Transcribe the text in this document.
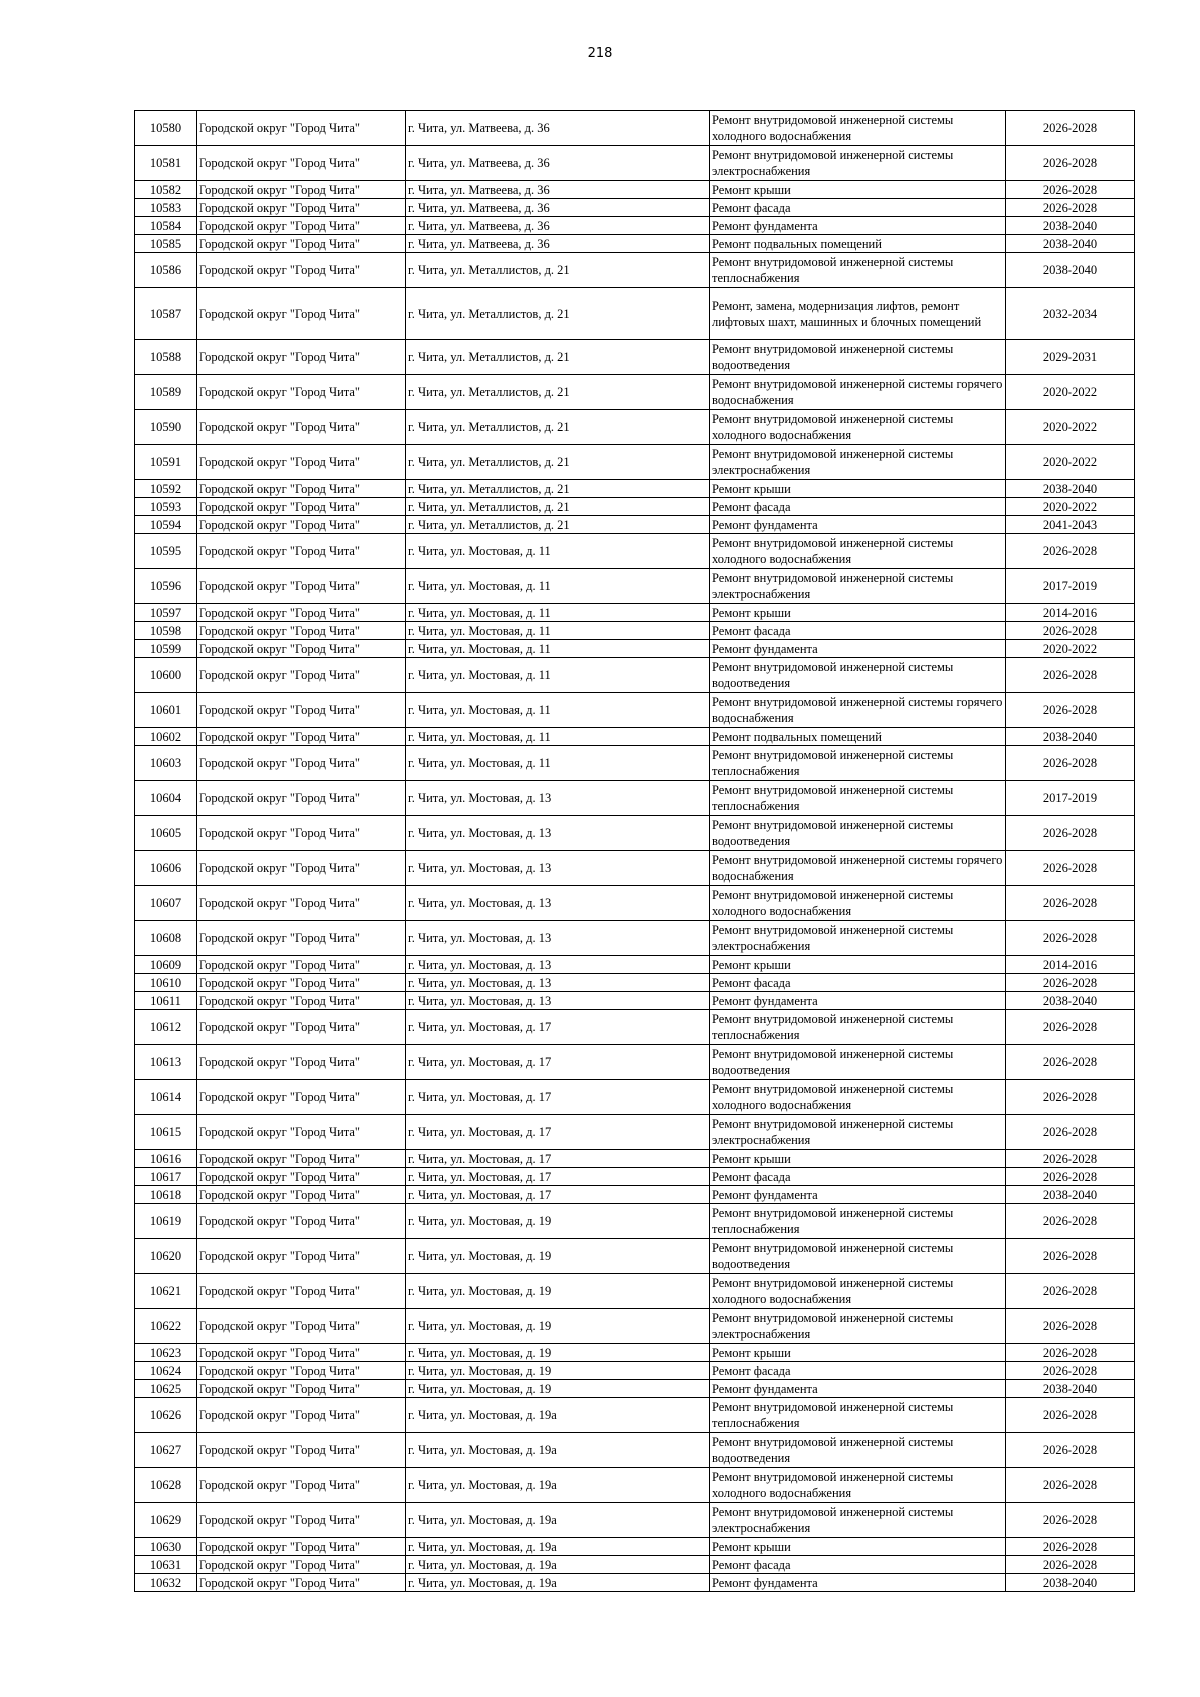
218
10580	Городской округ "Город Чита"	г. Чита, ул. Матвеева, д. 36	Ремонт внутридомовой инженерной системы холодного водоснабжения	2026-2028
10581	Городской округ "Город Чита"	г. Чита, ул. Матвеева, д. 36	Ремонт внутридомовой инженерной системы электроснабжения	2026-2028
10582	Городской округ "Город Чита"	г. Чита, ул. Матвеева, д. 36	Ремонт крыши	2026-2028
10583	Городской округ "Город Чита"	г. Чита, ул. Матвеева, д. 36	Ремонт фасада	2026-2028
10584	Городской округ "Город Чита"	г. Чита, ул. Матвеева, д. 36	Ремонт фундамента	2038-2040
10585	Городской округ "Город Чита"	г. Чита, ул. Матвеева, д. 36	Ремонт подвальных помещений	2038-2040
10586	Городской округ "Город Чита"	г. Чита, ул. Металлистов, д. 21	Ремонт внутридомовой инженерной системы теплоснабжения	2038-2040
10587	Городской округ "Город Чита"	г. Чита, ул. Металлистов, д. 21	Ремонт, замена, модернизация лифтов, ремонт лифтовых шахт, машинных и блочных помещений	2032-2034
10588	Городской округ "Город Чита"	г. Чита, ул. Металлистов, д. 21	Ремонт внутридомовой инженерной системы водоотведения	2029-2031
10589	Городской округ "Город Чита"	г. Чита, ул. Металлистов, д. 21	Ремонт внутридомовой инженерной системы горячего водоснабжения	2020-2022
10590	Городской округ "Город Чита"	г. Чита, ул. Металлистов, д. 21	Ремонт внутридомовой инженерной системы холодного водоснабжения	2020-2022
10591	Городской округ "Город Чита"	г. Чита, ул. Металлистов, д. 21	Ремонт внутридомовой инженерной системы электроснабжения	2020-2022
10592	Городской округ "Город Чита"	г. Чита, ул. Металлистов, д. 21	Ремонт крыши	2038-2040
10593	Городской округ "Город Чита"	г. Чита, ул. Металлистов, д. 21	Ремонт фасада	2020-2022
10594	Городской округ "Город Чита"	г. Чита, ул. Металлистов, д. 21	Ремонт фундамента	2041-2043
10595	Городской округ "Город Чита"	г. Чита, ул. Мостовая, д. 11	Ремонт внутридомовой инженерной системы холодного водоснабжения	2026-2028
10596	Городской округ "Город Чита"	г. Чита, ул. Мостовая, д. 11	Ремонт внутридомовой инженерной системы электроснабжения	2017-2019
10597	Городской округ "Город Чита"	г. Чита, ул. Мостовая, д. 11	Ремонт крыши	2014-2016
10598	Городской округ "Город Чита"	г. Чита, ул. Мостовая, д. 11	Ремонт фасада	2026-2028
10599	Городской округ "Город Чита"	г. Чита, ул. Мостовая, д. 11	Ремонт фундамента	2020-2022
10600	Городской округ "Город Чита"	г. Чита, ул. Мостовая, д. 11	Ремонт внутридомовой инженерной системы водоотведения	2026-2028
10601	Городской округ "Город Чита"	г. Чита, ул. Мостовая, д. 11	Ремонт внутридомовой инженерной системы горячего водоснабжения	2026-2028
10602	Городской округ "Город Чита"	г. Чита, ул. Мостовая, д. 11	Ремонт подвальных помещений	2038-2040
10603	Городской округ "Город Чита"	г. Чита, ул. Мостовая, д. 11	Ремонт внутридомовой инженерной системы теплоснабжения	2026-2028
10604	Городской округ "Город Чита"	г. Чита, ул. Мостовая, д. 13	Ремонт внутридомовой инженерной системы теплоснабжения	2017-2019
10605	Городской округ "Город Чита"	г. Чита, ул. Мостовая, д. 13	Ремонт внутридомовой инженерной системы водоотведения	2026-2028
10606	Городской округ "Город Чита"	г. Чита, ул. Мостовая, д. 13	Ремонт внутридомовой инженерной системы горячего водоснабжения	2026-2028
10607	Городской округ "Город Чита"	г. Чита, ул. Мостовая, д. 13	Ремонт внутридомовой инженерной системы холодного водоснабжения	2026-2028
10608	Городской округ "Город Чита"	г. Чита, ул. Мостовая, д. 13	Ремонт внутридомовой инженерной системы электроснабжения	2026-2028
10609	Городской округ "Город Чита"	г. Чита, ул. Мостовая, д. 13	Ремонт крыши	2014-2016
10610	Городской округ "Город Чита"	г. Чита, ул. Мостовая, д. 13	Ремонт фасада	2026-2028
10611	Городской округ "Город Чита"	г. Чита, ул. Мостовая, д. 13	Ремонт фундамента	2038-2040
10612	Городской округ "Город Чита"	г. Чита, ул. Мостовая, д. 17	Ремонт внутридомовой инженерной системы теплоснабжения	2026-2028
10613	Городской округ "Город Чита"	г. Чита, ул. Мостовая, д. 17	Ремонт внутридомовой инженерной системы водоотведения	2026-2028
10614	Городской округ "Город Чита"	г. Чита, ул. Мостовая, д. 17	Ремонт внутридомовой инженерной системы холодного водоснабжения	2026-2028
10615	Городской округ "Город Чита"	г. Чита, ул. Мостовая, д. 17	Ремонт внутридомовой инженерной системы электроснабжения	2026-2028
10616	Городской округ "Город Чита"	г. Чита, ул. Мостовая, д. 17	Ремонт крыши	2026-2028
10617	Городской округ "Город Чита"	г. Чита, ул. Мостовая, д. 17	Ремонт фасада	2026-2028
10618	Городской округ "Город Чита"	г. Чита, ул. Мостовая, д. 17	Ремонт фундамента	2038-2040
10619	Городской округ "Город Чита"	г. Чита, ул. Мостовая, д. 19	Ремонт внутридомовой инженерной системы теплоснабжения	2026-2028
10620	Городской округ "Город Чита"	г. Чита, ул. Мостовая, д. 19	Ремонт внутридомовой инженерной системы водоотведения	2026-2028
10621	Городской округ "Город Чита"	г. Чита, ул. Мостовая, д. 19	Ремонт внутридомовой инженерной системы холодного водоснабжения	2026-2028
10622	Городской округ "Город Чита"	г. Чита, ул. Мостовая, д. 19	Ремонт внутридомовой инженерной системы электроснабжения	2026-2028
10623	Городской округ "Город Чита"	г. Чита, ул. Мостовая, д. 19	Ремонт крыши	2026-2028
10624	Городской округ "Город Чита"	г. Чита, ул. Мостовая, д. 19	Ремонт фасада	2026-2028
10625	Городской округ "Город Чита"	г. Чита, ул. Мостовая, д. 19	Ремонт фундамента	2038-2040
10626	Городской округ "Город Чита"	г. Чита, ул. Мостовая, д. 19а	Ремонт внутридомовой инженерной системы теплоснабжения	2026-2028
10627	Городской округ "Город Чита"	г. Чита, ул. Мостовая, д. 19а	Ремонт внутридомовой инженерной системы водоотведения	2026-2028
10628	Городской округ "Город Чита"	г. Чита, ул. Мостовая, д. 19а	Ремонт внутридомовой инженерной системы холодного водоснабжения	2026-2028
10629	Городской округ "Город Чита"	г. Чита, ул. Мостовая, д. 19а	Ремонт внутридомовой инженерной системы электроснабжения	2026-2028
10630	Городской округ "Город Чита"	г. Чита, ул. Мостовая, д. 19а	Ремонт крыши	2026-2028
10631	Городской округ "Город Чита"	г. Чита, ул. Мостовая, д. 19а	Ремонт фасада	2026-2028
10632	Городской округ "Город Чита"	г. Чита, ул. Мостовая, д. 19а	Ремонт фундамента	2038-2040
